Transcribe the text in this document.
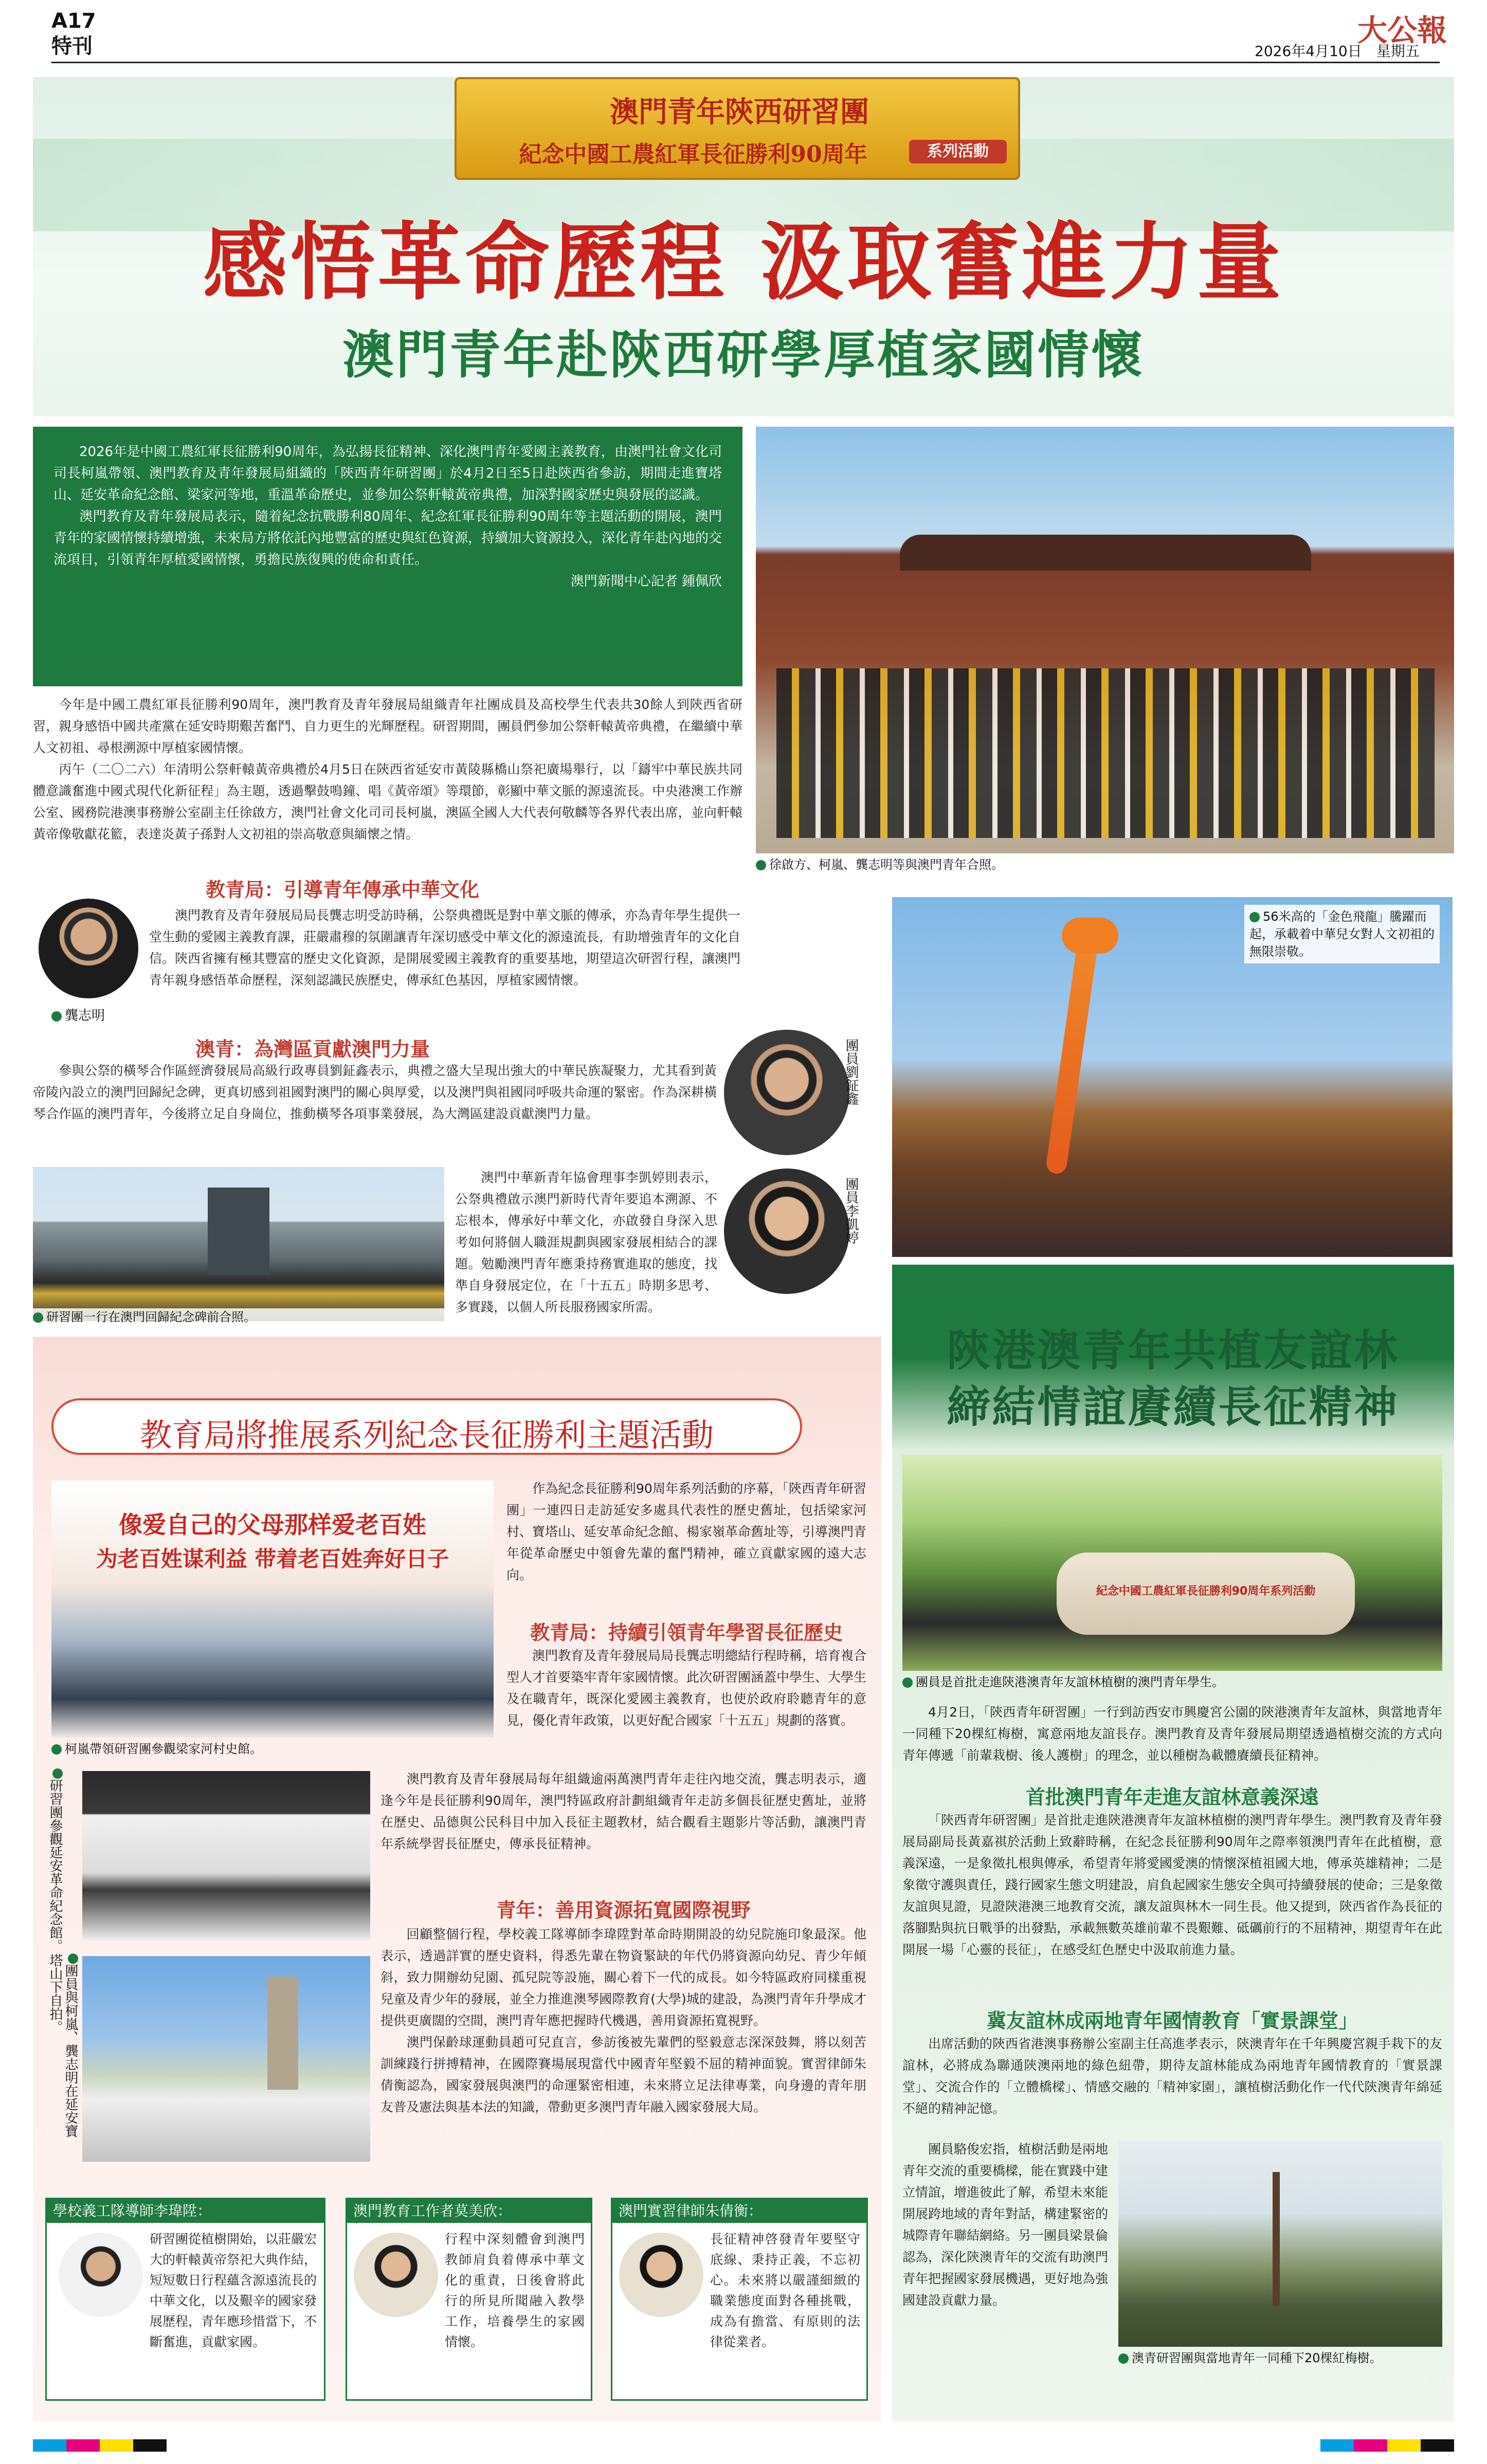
A17
特刊	大公報
2026年4月10日　星期五
澳門青年陝西研習團
紀念中國工農紅軍長征勝利90周年	系列活動
感悟革命歷程 汲取奮進力量
澳門青年赴陝西研學厚植家國情懷

2026年是中國工農紅軍長征勝利90周年，為弘揚長征精神、深化澳門青年愛國主義教育，由澳門社會文化司司長柯嵐帶領、澳門教育及青年發展局組織的「陝西青年研習團」於4月2日至5日赴陝西省參訪，期間走進寶塔山、延安革命紀念館、梁家河等地，重溫革命歷史，並參加公祭軒轅黃帝典禮，加深對國家歷史與發展的認識。

澳門教育及青年發展局表示，隨着紀念抗戰勝利80周年、紀念紅軍長征勝利90周年等主題活動的開展，澳門青年的家國情懷持續增強，未來局方將依託內地豐富的歷史與紅色資源，持續加大資源投入，深化青年赴內地的交流項目，引領青年厚植愛國情懷，勇擔民族復興的使命和責任。

澳門新聞中心記者 鍾佩欣
徐啟方、柯嵐、龔志明等與澳門青年合照。

今年是中國工農紅軍長征勝利90周年，澳門教育及青年發展局組織青年社團成員及高校學生代表共30餘人到陝西省研習，親身感悟中國共產黨在延安時期艱苦奮鬥、自力更生的光輝歷程。研習期間，團員們參加公祭軒轅黃帝典禮，在繼續中華人文初祖、尋根溯源中厚植家國情懷。

丙午（二〇二六）年清明公祭軒轅黃帝典禮於4月5日在陝西省延安市黃陵縣橋山祭祀廣場舉行，以「鑄牢中華民族共同體意識奮進中國式現代化新征程」為主題，透過擊鼓鳴鐘、唱《黃帝頌》等環節，彰顯中華文脈的源遠流長。中央港澳工作辦公室、國務院港澳事務辦公室副主任徐啟方，澳門社會文化司司長柯嵐，澳區全國人大代表何敬麟等各界代表出席，並向軒轅黃帝像敬獻花籃，表達炎黃子孫對人文初祖的崇高敬意與緬懷之情。

教青局：引導青年傳承中華文化
龔志明

澳門教育及青年發展局局長龔志明受訪時稱，公祭典禮既是對中華文脈的傳承，亦為青年學生提供一堂生動的愛國主義教育課，莊嚴肅穆的氛圍讓青年深切感受中華文化的源遠流長，有助增強青年的文化自信。陝西省擁有極其豐富的歷史文化資源，是開展愛國主義教育的重要基地，期望這次研習行程，讓澳門青年親身感悟革命歷程，深刻認識民族歷史，傳承紅色基因，厚植家國情懷。

澳青：為灣區貢獻澳門力量

參與公祭的橫琴合作區經濟發展局高級行政專員劉鉦鑫表示，典禮之盛大呈現出強大的中華民族凝聚力，尤其看到黃帝陵內設立的澳門回歸紀念碑，更真切感到祖國對澳門的關心與厚愛，以及澳門與祖國同呼吸共命運的緊密。作為深耕橫琴合作區的澳門青年，今後將立足自身崗位，推動橫琴各項事業發展，為大灣區建設貢獻澳門力量。

團員劉鉦鑫
團員李凱婷
研習團一行在澳門回歸紀念碑前合照。

澳門中華新青年協會理事李凱婷則表示，公祭典禮啟示澳門新時代青年要追本溯源、不忘根本，傳承好中華文化，亦啟發自身深入思考如何將個人職涯規劃與國家發展相結合的課題。勉勵澳門青年應秉持務實進取的態度，找準自身發展定位，在「十五五」時期多思考、多實踐，以個人所長服務國家所需。

56米高的「金色飛龍」騰躍而起，承載着中華兒女對人文初祖的無限崇敬。
教育局將推展系列紀念長征勝利主題活動
像爱自己的父母那样爱老百姓
为老百姓谋利益 带着老百姓奔好日子
柯嵐帶領研習團參觀梁家河村史館。

作為紀念長征勝利90周年系列活動的序幕，「陝西青年研習團」一連四日走訪延安多處具代表性的歷史舊址，包括梁家河村、寶塔山、延安革命紀念館、楊家嶺革命舊址等，引導澳門青年從革命歷史中領會先輩的奮鬥精神，確立貢獻家國的遠大志向。

教青局：持續引領青年學習長征歷史

澳門教育及青年發展局局長龔志明總結行程時稱，培育複合型人才首要築牢青年家國情懷。此次研習團涵蓋中學生、大學生及在職青年，既深化愛國主義教育，也使於政府聆聽青年的意見，優化青年政策，以更好配合國家「十五五」規劃的落實。

澳門教育及青年發展局每年組織逾兩萬澳門青年走往內地交流，龔志明表示，適逢今年是長征勝利90周年，澳門特區政府計劃組織青年走訪多個長征歷史舊址，並將在歷史、品德與公民科目中加入長征主題教材，結合觀看主題影片等活動，讓澳門青年系統學習長征歷史，傳承長征精神。

研習團參觀延安革命紀念館。
團員與柯嵐、龔志明在延安寶塔山下自拍。
青年：善用資源拓寬國際視野

回顧整個行程，學校義工隊導師李瑋陞對革命時期開設的幼兒院施印象最深。他表示，透過詳實的歷史資料，得悉先輩在物資緊缺的年代仍將資源向幼兒、青少年傾斜，致力開辦幼兒園、孤兒院等設施，關心着下一代的成長。如今特區政府同樣重視兒童及青少年的發展，並全力推進澳琴國際教育(大學)城的建設，為澳門青年升學成才提供更廣闊的空間，澳門青年應把握時代機遇，善用資源拓寬視野。

澳門保齡球運動員趙可兒直言，參訪後被先輩們的堅毅意志深深鼓舞，將以刻苦訓練踐行拼搏精神，在國際賽場展現當代中國青年堅毅不屈的精神面貌。實習律師朱倩衡認為，國家發展與澳門的命運緊密相連，未來將立足法律專業，向身邊的青年朋友普及憲法與基本法的知識，帶動更多澳門青年融入國家發展大局。

學校義工隊導師李瑋陞：
研習團從植樹開始，以莊嚴宏大的軒轅黃帝祭祀大典作結，短短數日行程蘊含源遠流長的中華文化，以及艱辛的國家發展歷程，青年應珍惜當下，不斷奮進，貢獻家國。
澳門教育工作者莫美欣：
行程中深刻體會到澳門教師肩負着傳承中華文化的重責，日後會將此行的所見所聞融入教學工作，培養學生的家國情懷。
澳門實習律師朱倩衡：
長征精神啓發青年要堅守底線、秉持正義，不忘初心。未來將以嚴謹細緻的職業態度面對各種挑戰，成為有擔當、有原則的法律從業者。
陝港澳青年共植友誼林
締結情誼賡續長征精神
紀念中國工農紅軍長征勝利90周年系列活動
團員是首批走進陝港澳青年友誼林植樹的澳門青年學生。

4月2日，「陝西青年研習團」一行到訪西安市興慶宮公園的陝港澳青年友誼林，與當地青年一同種下20棵紅梅樹，寓意兩地友誼長存。澳門教育及青年發展局期望透過植樹交流的方式向青年傳遞「前輩栽樹、後人護樹」的理念，並以種樹為載體賡續長征精神。

首批澳門青年走進友誼林意義深遠

「陝西青年研習團」是首批走進陝港澳青年友誼林植樹的澳門青年學生。澳門教育及青年發展局副局長黃嘉祺於活動上致辭時稱，在紀念長征勝利90周年之際率領澳門青年在此植樹，意義深遠，一是象徵扎根與傳承，希望青年將愛國愛澳的情懷深植祖國大地，傳承英雄精神；二是象徵守護與責任，踐行國家生態文明建設，肩負起國家生態安全與可持續發展的使命；三是象徵友誼與見證，見證陝港澳三地教育交流，讓友誼與林木一同生長。他又提到，陝西省作為長征的落腳點與抗日戰爭的出發點，承載無數英雄前輩不畏艱難、砥礪前行的不屈精神，期望青年在此開展一場「心靈的長征」，在感受紅色歷史中汲取前進力量。

冀友誼林成兩地青年國情教育「實景課堂」

出席活動的陝西省港澳事務辦公室副主任高進孝表示，陝澳青年在千年興慶宮親手栽下的友誼林，必將成為聯通陝澳兩地的綠色紐帶，期待友誼林能成為兩地青年國情教育的「實景課堂」、交流合作的「立體橋樑」、情感交融的「精神家園」，讓植樹活動化作一代代陝澳青年綿延不絕的精神記憶。

團員駱俊宏指，植樹活動是兩地青年交流的重要橋樑，能在實踐中建立情誼，增進彼此了解，希望未來能開展跨地域的青年對話，構建緊密的城際青年聯結網絡。另一團員梁景倫認為，深化陝澳青年的交流有助澳門青年把握國家發展機遇，更好地為強國建設貢獻力量。

澳青研習團與當地青年一同種下20棵紅梅樹。
